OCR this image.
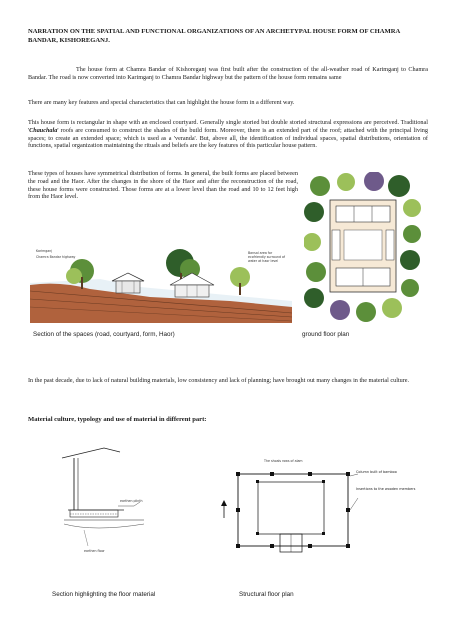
NARRATION ON THE SPATIAL AND FUNCTIONAL ORGANIZATIONS OF AN ARCHETYPAL HOUSE FORM OF CHAMRA BANDAR, KISHOREGANJ.
The house form at Chamra Bandar of Kishoreganj was first built after the construction of the all-weather road of Karimganj to Chamra Bandar. The road is now converted into Karimganj to Chamra Bandar highway but the pattern of the house form remains same
There are many key features and special characteristics that can highlight the house form in a different way.
This house form is rectangular in shape with an enclosed courtyard. Generally single storied but double storied structural expressions are perceived. Traditional 'Chauchala' roofs are consumed to construct the shades of the build form. Moreover, there is an extended part of the roof; attached with the principal living spaces; to create an extended space; which is used as a 'veranda'. But, above all, the identification of individual spaces, spatial distributions, orientation of functions, spatial organization maintaining the rituals and beliefs are the key features of this particular house pattern.
These types of houses have symmetrical distribution of forms. In general, the built forms are placed between the road and the Haor. After the changes in the shore of the Haor and after the reconstruction of the road, these house forms were constructed. Those forms are at a lower level than the road and 10 to 12 feet high from the Haor level.
Karimganj
Chamra Bandar highway
Bansal area for ecofriendly surround of water at haor level
Section of the spaces (road, courtyard, form, Haor)	ground floor plan
In the past decade, due to lack of natural building materials, low consistency and lack of planning; have brought out many changes in the material culture.
Material culture, typology and use of material in different part:
earthen plinth
earthen floor
The shoals rows of alam
Column built of bamboo
Insertions to the wooden members
Section highlighting the floor material	Structural floor plan
